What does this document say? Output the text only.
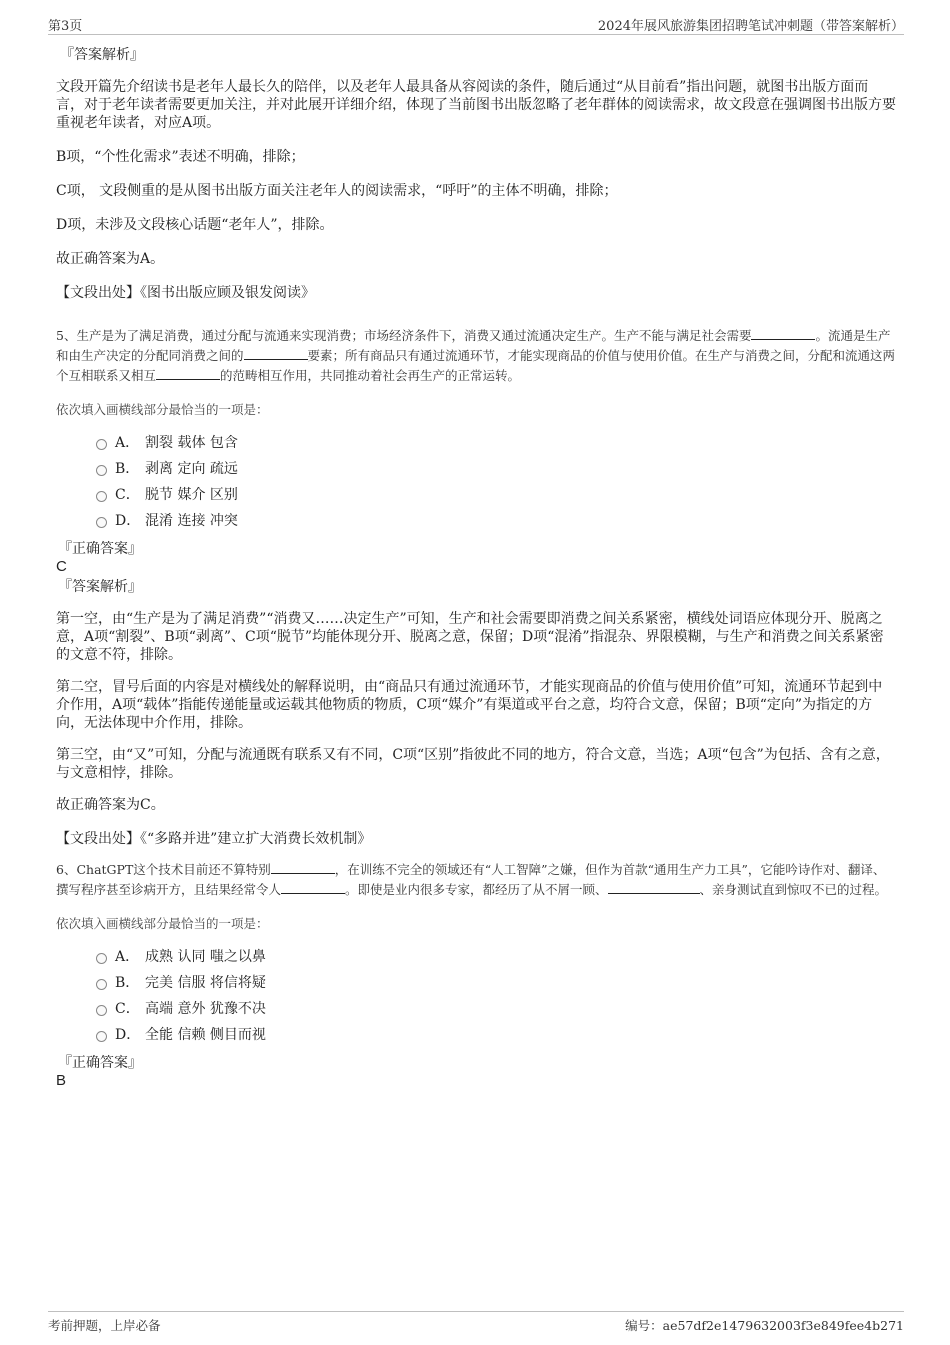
第3页	2024年展风旅游集团招聘笔试冲刺题（带答案解析）
『答案解析』
文段开篇先介绍读书是老年人最长久的陪伴，以及老年人最具备从容阅读的条件，随后通过“从目前看”指出问题，就图书出版方面而言，对于老年读者需要更加关注，并对此展开详细介绍，体现了当前图书出版忽略了老年群体的阅读需求，故文段意在强调图书出版方要重视老年读者，对应A项。
B项，“个性化需求”表述不明确，排除；
C项， 文段侧重的是从图书出版方面关注老年人的阅读需求，“呼吁”的主体不明确，排除；
D项，未涉及文段核心话题“老年人”，排除。
故正确答案为A。
【文段出处】《图书出版应顾及银发阅读》
5、生产是为了满足消费，通过分配与流通来实现消费；市场经济条件下，消费又通过流通决定生产。生产不能与满足社会需要	。流通是生产和由生产决定的分配同消费之间的	要素；所有商品只有通过流通环节，才能实现商品的价值与使用价值。在生产与消费之间，分配和流通这两个互相联系又相互	的范畴相互作用，共同推动着社会再生产的正常运转。
依次填入画横线部分最恰当的一项是：
A． 割裂 载体 包含
B． 剥离 定向 疏远
C． 脱节 媒介 区别
D． 混淆 连接 冲突
『正确答案』
C
『答案解析』
第一空，由“生产是为了满足消费”“消费又……决定生产”可知，生产和社会需要即消费之间关系紧密，横线处词语应体现分开、脱离之意，A项“割裂”、B项“剥离”、C项“脱节”均能体现分开、脱离之意，保留；D项“混淆”指混杂、界限模糊，与生产和消费之间关系紧密的文意不符，排除。
第二空，冒号后面的内容是对横线处的解释说明，由“商品只有通过流通环节，才能实现商品的价值与使用价值”可知，流通环节起到中介作用，A项“载体”指能传递能量或运载其他物质的物质，C项“媒介”有渠道或平台之意，均符合文意，保留；B项“定向”为指定的方向，无法体现中介作用，排除。
第三空，由“又”可知，分配与流通既有联系又有不同，C项“区别”指彼此不同的地方，符合文意，当选；A项“包含”为包括、含有之意，与文意相悖，排除。
故正确答案为C。
【文段出处】《“多路并进”建立扩大消费长效机制》
6、ChatGPT这个技术目前还不算特别	，在训练不完全的领域还有“人工智障”之嫌，但作为首款“通用生产力工具”，它能吟诗作对、翻译、撰写程序甚至诊病开方，且结果经常令人	。即使是业内很多专家，都经历了从不屑一顾、	、亲身测试直到惊叹不已的过程。
依次填入画横线部分最恰当的一项是：
A． 成熟 认同 嗤之以鼻
B． 完美 信服 将信将疑
C． 高端 意外 犹豫不决
D． 全能 信赖 侧目而视
『正确答案』
B
考前押题，上岸必备	编号：ae57df2e1479632003f3e849fee4b271
